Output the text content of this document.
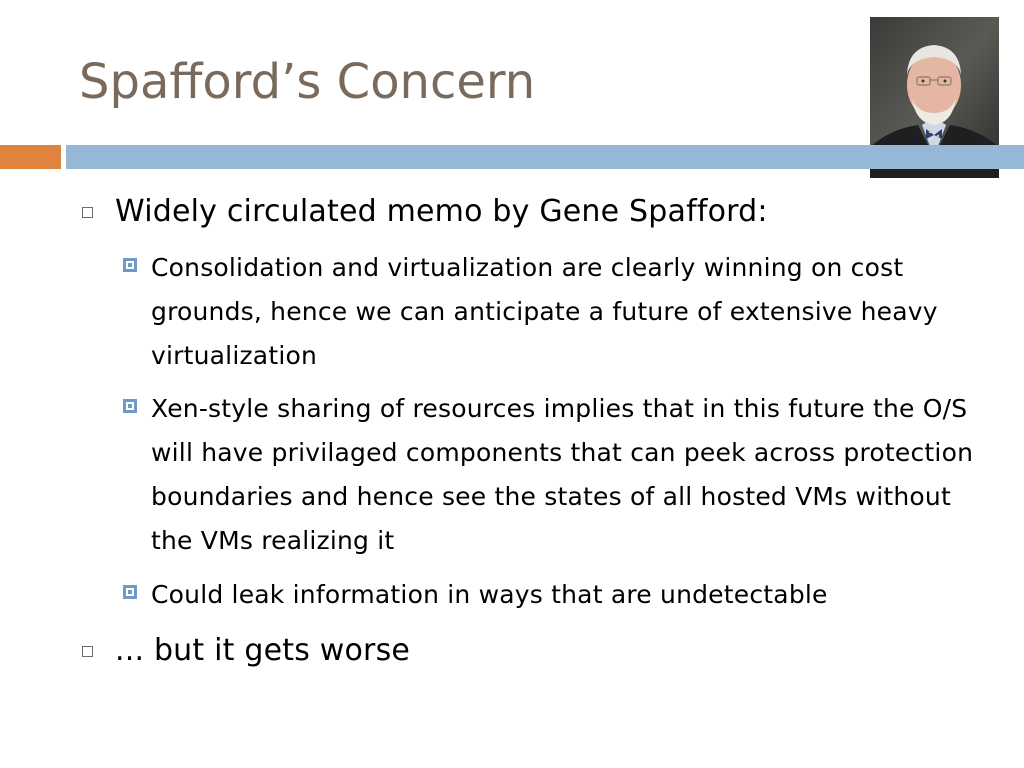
Spafford’s Concern
Widely circulated memo by Gene Spafford:
Consolidation and virtualization are clearly winning on cost grounds, hence we can anticipate a future of extensive heavy virtualization
Xen-style sharing of resources implies that in this future the O/S will have privilaged components that can peek across protection boundaries and hence see the states of all hosted VMs without the VMs realizing it
Could leak information in ways that are undetectable
... but it gets worse
